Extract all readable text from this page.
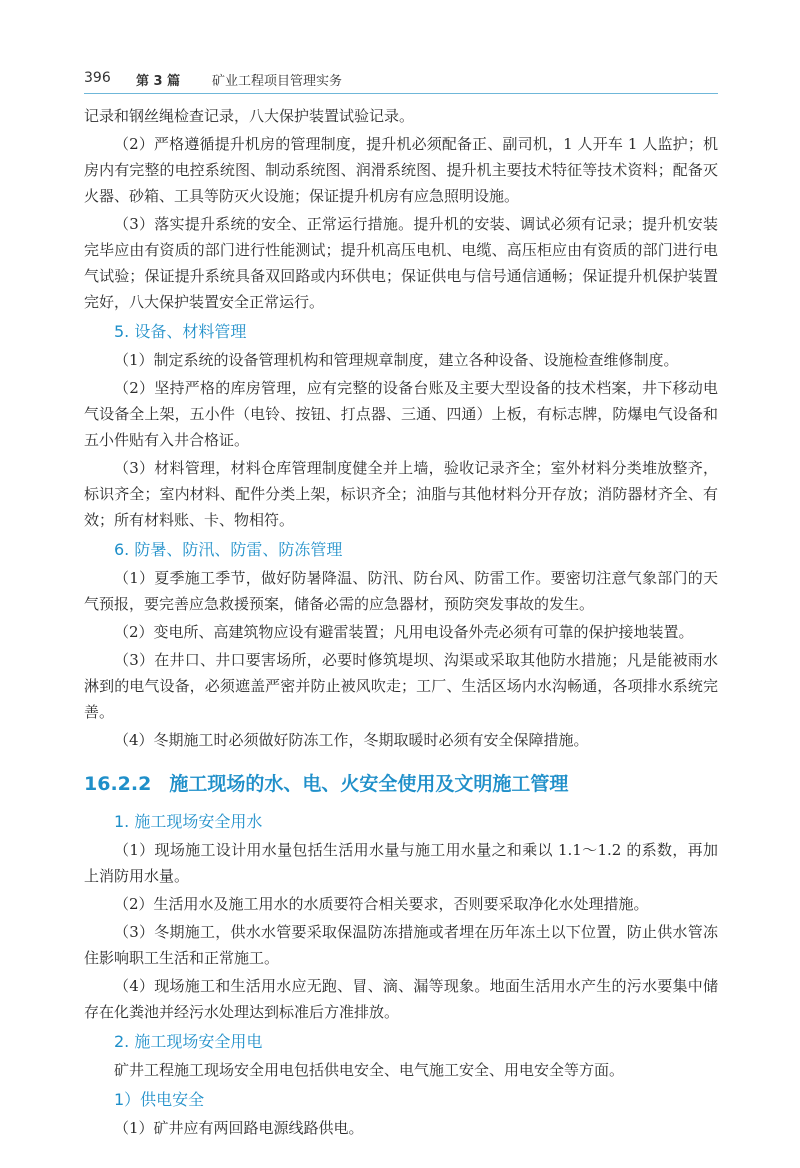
396 第 3 篇 矿业工程项目管理实务

记录和钢丝绳检查记录，八大保护装置试验记录。

（2）严格遵循提升机房的管理制度，提升机必须配备正、副司机，1 人开车 1 人监护；机房内有完整的电控系统图、制动系统图、润滑系统图、提升机主要技术特征等技术资料；配备灭火器、砂箱、工具等防灭火设施；保证提升机房有应急照明设施。

（3）落实提升系统的安全、正常运行措施。提升机的安装、调试必须有记录；提升机安装完毕应由有资质的部门进行性能测试；提升机高压电机、电缆、高压柜应由有资质的部门进行电气试验；保证提升系统具备双回路或内环供电；保证供电与信号通信通畅；保证提升机保护装置完好，八大保护装置安全正常运行。

5. 设备、材料管理

（1）制定系统的设备管理机构和管理规章制度，建立各种设备、设施检查维修制度。

（2）坚持严格的库房管理，应有完整的设备台账及主要大型设备的技术档案，井下移动电气设备全上架，五小件（电铃、按钮、打点器、三通、四通）上板，有标志牌，防爆电气设备和五小件贴有入井合格证。

（3）材料管理，材料仓库管理制度健全并上墙，验收记录齐全；室外材料分类堆放整齐，标识齐全；室内材料、配件分类上架，标识齐全；油脂与其他材料分开存放；消防器材齐全、有效；所有材料账、卡、物相符。

6. 防暑、防汛、防雷、防冻管理

（1）夏季施工季节，做好防暑降温、防汛、防台风、防雷工作。要密切注意气象部门的天气预报，要完善应急救援预案，储备必需的应急器材，预防突发事故的发生。

（2）变电所、高建筑物应设有避雷装置；凡用电设备外壳必须有可靠的保护接地装置。

（3）在井口、井口要害场所，必要时修筑堤坝、沟渠或采取其他防水措施；凡是能被雨水淋到的电气设备，必须遮盖严密并防止被风吹走；工厂、生活区场内水沟畅通，各项排水系统完善。

（4）冬期施工时必须做好防冻工作，冬期取暖时必须有安全保障措施。

16.2.2 施工现场的水、电、火安全使用及文明施工管理
1. 施工现场安全用水

（1）现场施工设计用水量包括生活用水量与施工用水量之和乘以 1.1～1.2 的系数，再加上消防用水量。

（2）生活用水及施工用水的水质要符合相关要求，否则要采取净化水处理措施。

（3）冬期施工，供水水管要采取保温防冻措施或者埋在历年冻土以下位置，防止供水管冻住影响职工生活和正常施工。

（4）现场施工和生活用水应无跑、冒、滴、漏等现象。地面生活用水产生的污水要集中储存在化粪池并经污水处理达到标准后方准排放。

2. 施工现场安全用电

矿井工程施工现场安全用电包括供电安全、电气施工安全、用电安全等方面。

1）供电安全

（1）矿井应有两回路电源线路供电。
